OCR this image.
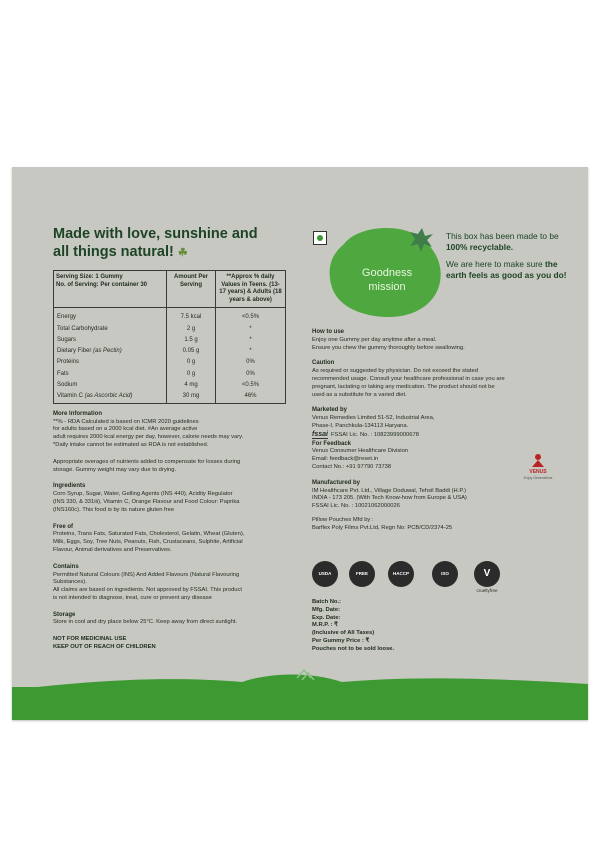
Made with love, sunshine and
all things natural! ☘

Serving Size: 1 Gummy
No. of Serving: Per container 30	Amount Per Serving	**Approx % daily Values in Teens. (13-17 years) & Adults (18 years & above)

Energy	7.5 kcal	<0.5%
Total Carbohydrate	2 g	*
Sugars	1.5 g	*
Dietary Fiber (as Pectin)	0.05 g	*
Proteins	0 g	0%
Fats	0 g	0%
Sodium	4 mg	<0.5%
Vitamin C (as Ascorbic Acid)	30 mg	46%
More Information
**% - RDA Calculated is based on ICMR 2020 guidelines
for adults based on a 2000 kcal diet. #An average active
adult requires 2000 kcal energy per day, however, calorie needs may vary.
*Daily intake cannot be estimated as RDA is not established.
Appropriate overages of nutrients added to compensate for losses during
storage. Gummy weight may vary due to drying.
Ingredients
Corn Syrup, Sugar, Water, Gelling Agents (INS 440), Acidity Regulator
(INS 330, & 331iii), Vitamin C, Orange Flavour and Food Colour: Paprika
(INS160c). This food is by its nature gluten free
Free of
Proteins, Trans Fats, Saturated Fats, Cholesterol, Gelatin, Wheat (Gluten),
Milk, Eggs, Soy, Tree Nuts, Peanuts, Fish, Crustaceans, Sulphite, Artificial
Flavour, Animal derivatives and Preservatives.
Contains
Permitted Natural Colours (INS) And Added Flavours (Natural Flavouring
Substances).
All claims are based on ingredients. Not approved by FSSAI. This product
is not intended to diagnose, treat, cure or prevent any disease
Storage
Store in cool and dry place below 25°C. Keep away from direct sunlight.
NOT FOR MEDICINAL USE
KEEP OUT OF REACH OF CHILDREN
Goodness
mission

This box has been made to be 100% recyclable.

We are here to make sure the earth feels as good as you do!

How to use
Enjoy one Gummy per day anytime after a meal.
Ensure you chew the gummy thoroughly before swallowing.
Caution
As required or suggested by physician. Do not exceed the stated
recommended usage. Consult your healthcare professional in case you are
pregnant, lactating or taking any medication. The product should not be
used as a substitute for a varied diet.
Marketed by
Venus Remedies Limited 51-52, Industrial Area,
Phase-I, Panchkula-134113 Haryana.
fssai FSSAI Lic. No. : 10823999000678
For Feedback
Venus Consumer Healthcare Division
Email: feedback@reset.in
Contact No.: +91 97790 73738
Manufactured by
IM Healthcare Pvt. Ltd., Village Doduwal, Tehsil Baddi (H.P.)
INDIA - 173 205. (With Tech Know-how from Europe & USA)
FSSAI Lic. No. : 10021062000026
Pillow Pouches Mfd by :
Barflex Poly Films Pvt.Ltd, Regn No: PCB/CD/2374-25

VENUS
Enjoy Generations
USDA	FREE	HACCP	ISO	V
crueltyfree
Batch No.:
Mfg. Date:
Exp. Date:
M.R.P. : ₹
(Inclusive of All Taxes)
Per Gummy Price : ₹
Pouches not to be sold loose.
